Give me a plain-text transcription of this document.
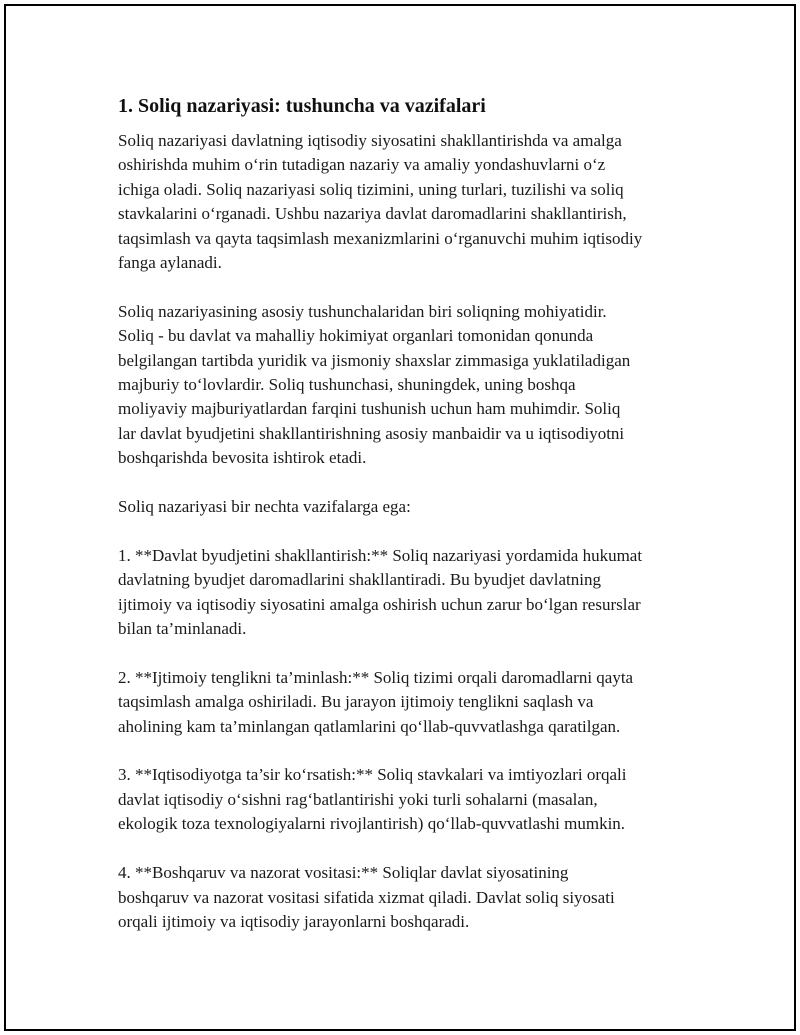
1. Soliq nazariyasi: tushuncha va vazifalari

Soliq nazariyasi davlatning iqtisodiy siyosatini shakllantirishda va amalga
oshirishda muhim o‘rin tutadigan nazariy va amaliy yondashuvlarni o‘z
ichiga oladi. Soliq nazariyasi soliq tizimini, uning turlari, tuzilishi va soliq
stavkalarini o‘rganadi. Ushbu nazariya davlat daromadlarini shakllantirish,
taqsimlash va qayta taqsimlash mexanizmlarini o‘rganuvchi muhim iqtisodiy
fanga aylanadi.

Soliq nazariyasining asosiy tushunchalaridan biri soliqning mohiyatidir.
Soliq - bu davlat va mahalliy hokimiyat organlari tomonidan qonunda
belgilangan tartibda yuridik va jismoniy shaxslar zimmasiga yuklatiladigan
majburiy to‘lovlardir. Soliq tushunchasi, shuningdek, uning boshqa
moliyaviy majburiyatlardan farqini tushunish uchun ham muhimdir. Soliq
lar davlat byudjetini shakllantirishning asosiy manbaidir va u iqtisodiyotni
boshqarishda bevosita ishtirok etadi.

Soliq nazariyasi bir nechta vazifalarga ega:

1. **Davlat byudjetini shakllantirish:** Soliq nazariyasi yordamida hukumat
davlatning byudjet daromadlarini shakllantiradi. Bu byudjet davlatning
ijtimoiy va iqtisodiy siyosatini amalga oshirish uchun zarur bo‘lgan resurslar
bilan ta’minlanadi.

2. **Ijtimoiy tenglikni ta’minlash:** Soliq tizimi orqali daromadlarni qayta
taqsimlash amalga oshiriladi. Bu jarayon ijtimoiy tenglikni saqlash va
aholining kam ta’minlangan qatlamlarini qo‘llab-quvvatlashga qaratilgan.

3. **Iqtisodiyotga ta’sir ko‘rsatish:** Soliq stavkalari va imtiyozlari orqali
davlat iqtisodiy o‘sishni rag‘batlantirishi yoki turli sohalarni (masalan,
ekologik toza texnologiyalarni rivojlantirish) qo‘llab-quvvatlashi mumkin.

4. **Boshqaruv va nazorat vositasi:** Soliqlar davlat siyosatining
boshqaruv va nazorat vositasi sifatida xizmat qiladi. Davlat soliq siyosati
orqali ijtimoiy va iqtisodiy jarayonlarni boshqaradi.
